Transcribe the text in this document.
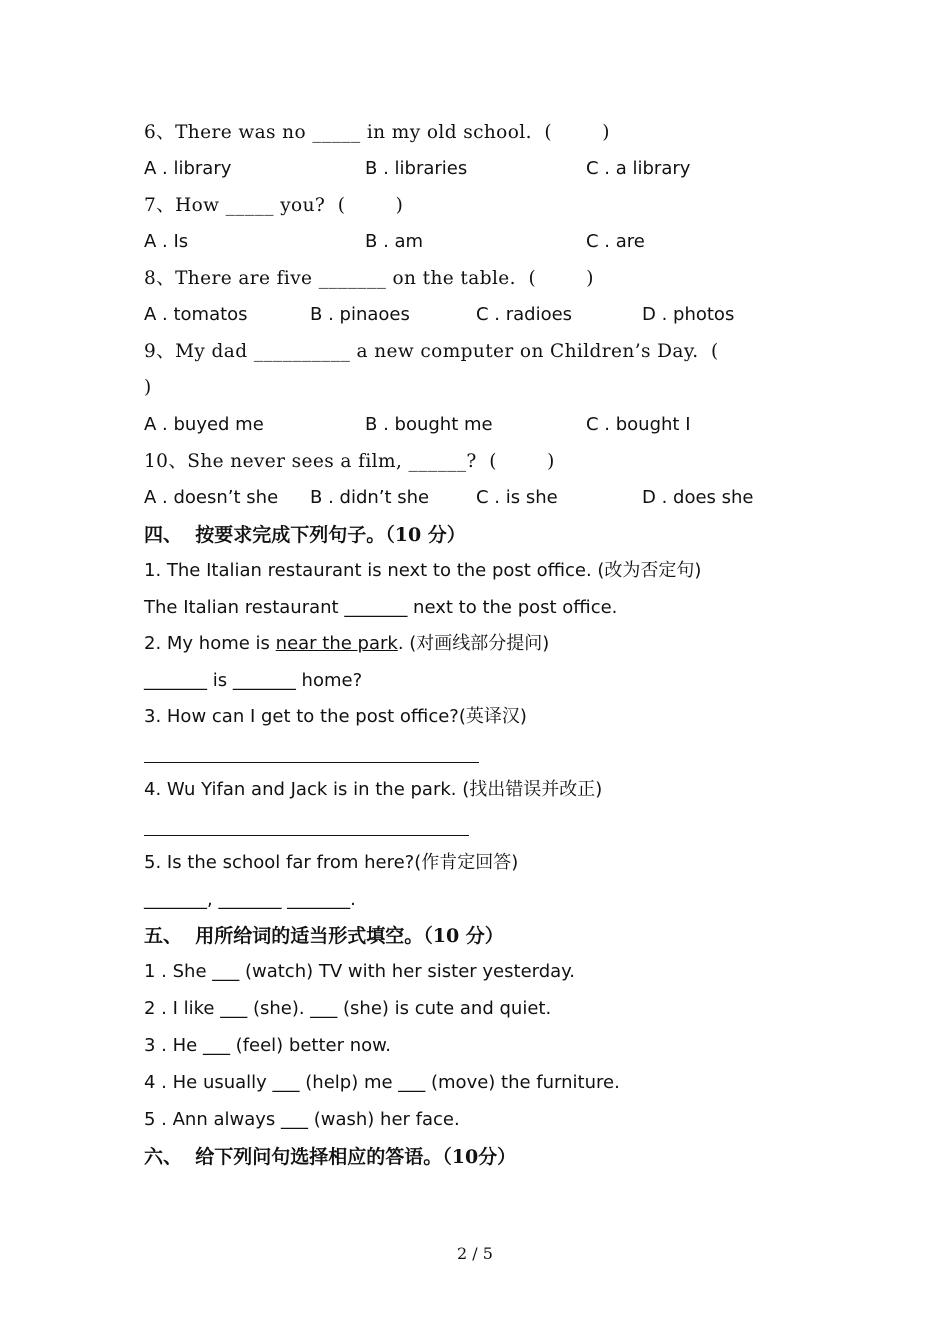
6、There was no _____ in my old school.  (        )
A . library	B . libraries	C . a library
7、How _____ you?  (        )
A . Is	B . am	C . are
8、There are five _______ on the table.  (        )
A . tomatos	B . pinaoes	C . radioes	D . photos
9、My dad __________ a new computer on Children’s Day.  (
)
A . buyed me	B . bought me	C . bought I
10、She never sees a film, ______?  (        )
A . doesn’t she B . didn’t she	C . is she	D . does she
四、  按要求完成下列句子。（10 分）
1. The Italian restaurant is next to the post office. (改为否定句)
The Italian restaurant _______ next to the post office.
2. My home is near the park. (对画线部分提问)
_______ is _______ home?
3. How can I get to the post office?(英译汉)
4. Wu Yifan and Jack is in the park. (找出错误并改正)
5. Is the school far from here?(作肯定回答)
_______, _______ _______.
五、  用所给词的适当形式填空。（10 分）
1 . She ___ (watch) TV with her sister yesterday.
2 . I like ___ (she). ___ (she) is cute and quiet.
3 . He ___ (feel) better now.
4 . He usually ___ (help) me ___ (move) the furniture.
5 . Ann always ___ (wash) her face.
六、  给下列问句选择相应的答语。（10分）
2 / 5
